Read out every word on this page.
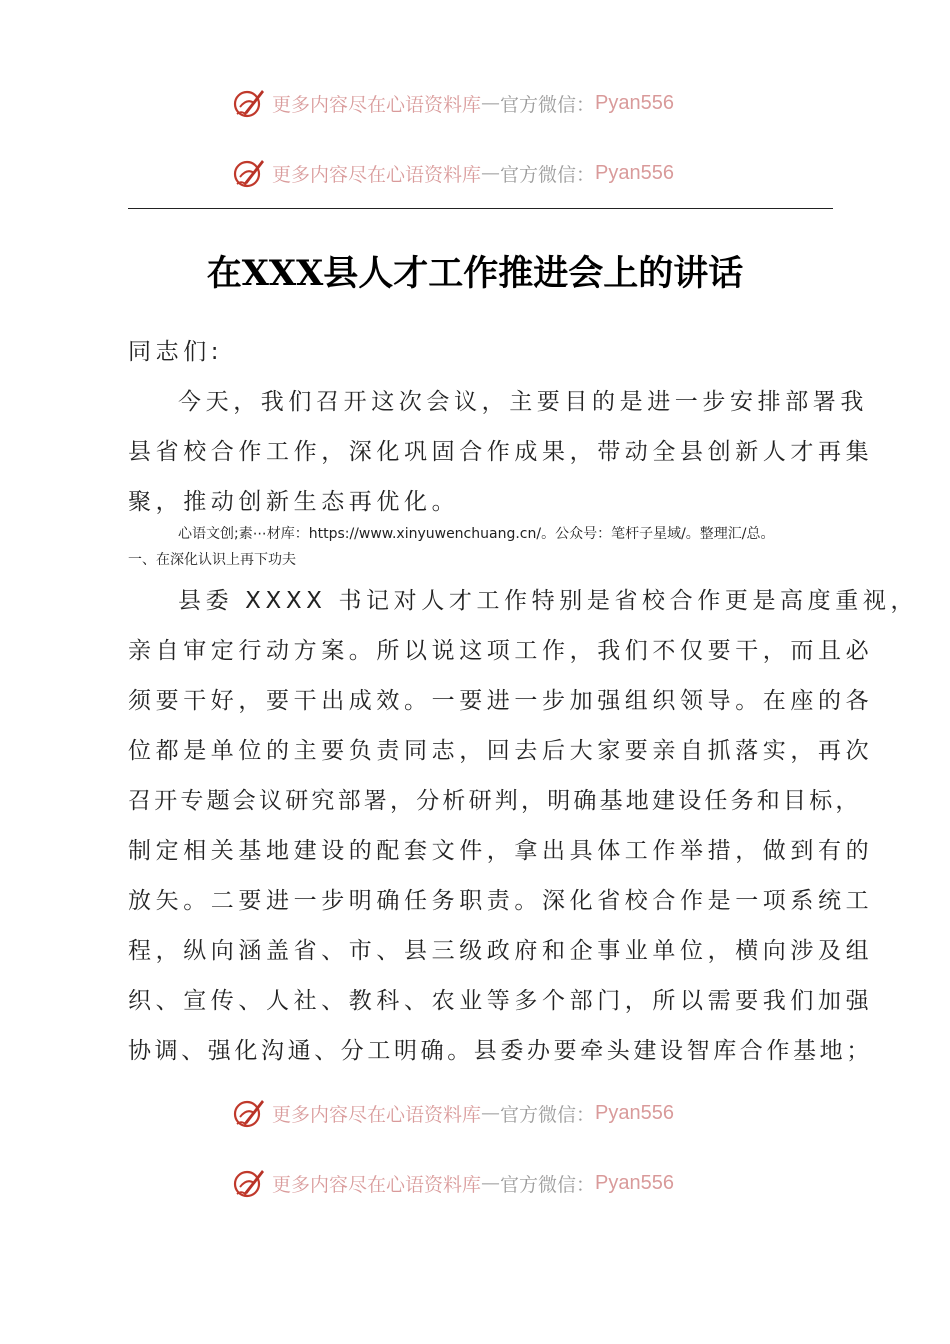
更多内容尽在心语资料库 — 官方微信： Pyan556
更多内容尽在心语资料库 — 官方微信： Pyan556
在XXX县人才工作推进会上的讲话
同志们:
今天，我们召开这次会议，主要目的是进一步安排部署我
县省校合作工作，深化巩固合作成果，带动全县创新人才再集
聚，推动创新生态再优化。
心语文创;素⋯材库：https://www.xinyuwenchuang.cn/。公众号：笔杆子星域/。整理汇/总。
一、在深化认识上再下功夫
县委 XXXX 书记对人才工作特别是省校合作更是高度重视，
亲自审定行动方案。所以说这项工作，我们不仅要干，而且必
须要干好，要干出成效。一要进一步加强组织领导。在座的各
位都是单位的主要负责同志，回去后大家要亲自抓落实，再次
召开专题会议研究部署，分析研判，明确基地建设任务和目标，
制定相关基地建设的配套文件，拿出具体工作举措，做到有的
放矢。二要进一步明确任务职责。深化省校合作是一项系统工
程，纵向涵盖省、市、县三级政府和企事业单位，横向涉及组
织、宣传、人社、教科、农业等多个部门，所以需要我们加强
协调、强化沟通、分工明确。县委办要牵头建设智库合作基地；
更多内容尽在心语资料库 — 官方微信： Pyan556
更多内容尽在心语资料库 — 官方微信： Pyan556
